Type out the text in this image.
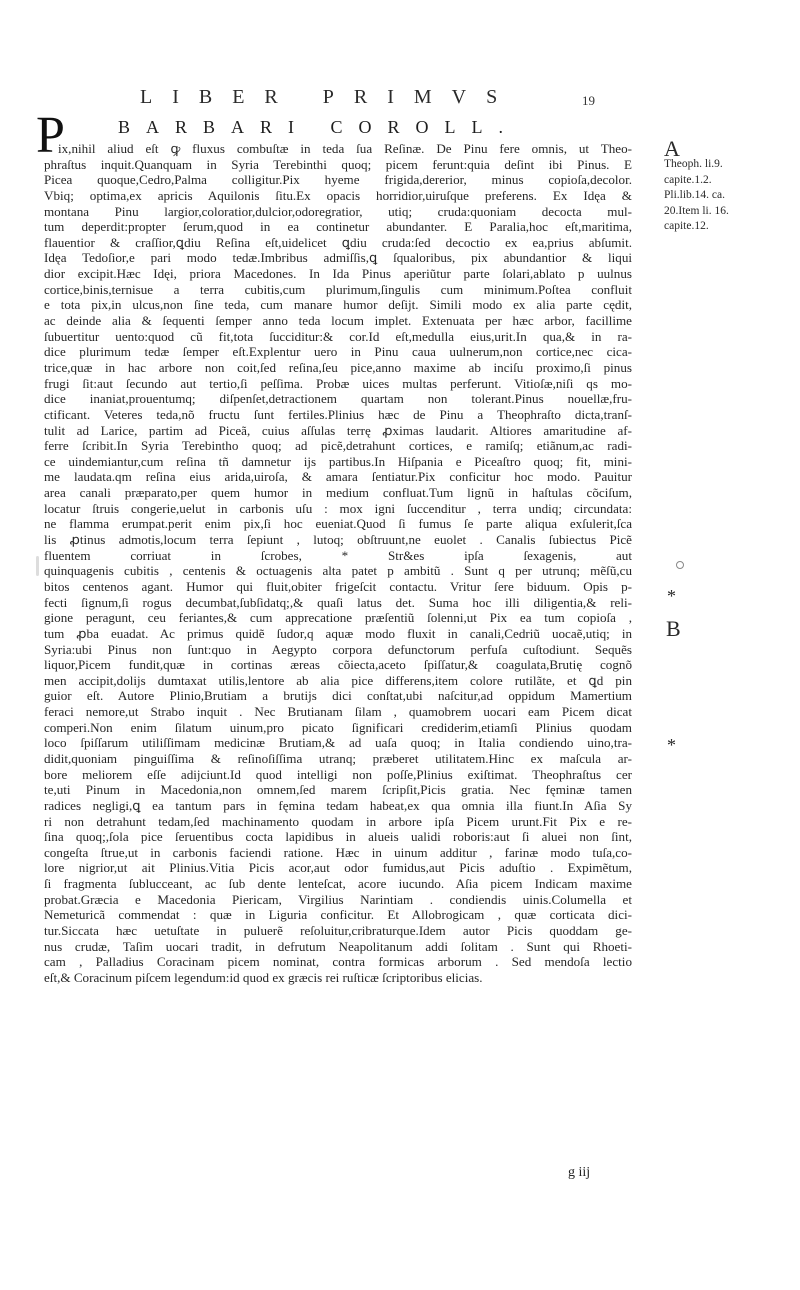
LIBER PRIMVS	19
P	BARBARI COROLL.
ix,nihil aliud eſt ꝙ fluxus combuſtæ in teda ſua Reſinæ. De Pinu fere omnis, ut Theo-
phraſtus inquit.Quanquam in Syria Terebinthi quoq; picem ferunt:quia deſint ibi Pinus. E
Picea quoque,Cedro,Palma colligitur.Pix hyeme frigida,dererior, minus copioſa,decolor.
Vbiq; optima,ex apricis Aquilonis ſitu.Ex opacis horridior,uiruſque preferens. Ex Idęa &
montana Pinu largior,coloratior,dulcior,odoregratior, utiq; cruda:quoniam decocta mul-
tum deperdit:propter ſerum,quod in ea continetur abundanter. E Paralia,hoc eſt,maritima,
flauentior & craſſior,ꝗdiu Reſina eſt,uidelicet ꝗdiu cruda:ſed decoctio ex ea,prius abſumit.
Idęa Tedoſior,e pari modo tedæ.Imbribus admiſſis,ꝗ ſqualoribus, pix abundantior & liqui
dior excipit.Hæc Idęi, priora Macedones. In Ida Pinus aperiũtur parte ſolari,ablato p uulnus
cortice,binis,ternisue a terra cubitis,cum plurimum,ſingulis cum minimum.Poſtea confluit
e tota pix,in ulcus,non ſine teda, cum manare humor deſijt. Simili modo ex alia parte cędit,
ac deinde alia & ſequenti ſemper anno teda locum implet. Extenuata per hæc arbor, facillime
ſubuertitur uento:quod cũ fit,tota ſucciditur:& cor.Id eſt,medulla eius,urit.In qua,& in ra-
dice plurimum tedæ ſemper eſt.Explentur uero in Pinu caua uulnerum,non cortice,nec cica-
trice,quæ in hac arbore non coit,ſed reſina,ſeu pice,anno maxime ab inciſu proximo,ſi pinus
frugi ſit:aut ſecundo aut tertio,ſi peſſima. Probæ uices multas perferunt. Vitioſæ,niſi qs mo-
dice inaniat,prouentumq; diſpenſet,detractionem quartam non tolerant.Pinus nouellæ,fru-
ctificant. Veteres teda,nõ fructu ſunt fertiles.Plinius hæc de Pinu a Theophraſto dicta,tranſ-
tulit ad Larice, partim ad Piceã, cuius aſſulas terrę ꝓximas laudarit. Altiores amaritudine af-
ferre ſcribit.In Syria Terebintho quoq; ad picẽ,detrahunt cortices, e ramiſq; etiãnum,ac radi-
ce uindemiantur,cum reſina tñ damnetur ijs partibus.In Hiſpania e Piceaſtro quoq; fit, mini-
me laudata.qm reſina eius arida,uiroſa, & amara ſentiatur.Pix conficitur hoc modo. Pauitur
area canali præparato,per quem humor in medium confluat.Tum lignũ in haſtulas cõciſum,
locatur ſtruis congerie,uelut in carbonis uſu : mox igni ſuccenditur , terra undiq; circundata:
ne flamma erumpat.perit enim pix,ſi hoc eueniat.Quod ſi fumus ſe parte aliqua exſulerit,ſca
lis ꝓtinus admotis,locum terra ſepiunt , lutoq; obſtruunt,ne euolet . Canalis ſubiectus Picẽ
fluentem corriuat in ſcrobes, * Str&es ipſa ſexagenis, aut
quinquagenis cubitis , centenis & octuagenis alta patet p ambitũ . Sunt q per utrunq; mẽſũ,cu
bitos centenos agant. Humor qui fluit,obiter frigeſcit contactu. Vritur ſere biduum. Opis p-
fecti ſignum,ſi rogus decumbat,ſubſidatq;,& quaſi latus det. Suma hoc illi diligentia,& reli-
gione peragunt, ceu feriantes,& cum apprecatione præſentiũ ſolenni,ut Pix ea tum copioſa ,
tum ꝓba euadat. Ac primus quidẽ ſudor,q aquæ modo fluxit in canali,Cedriũ uocaẽ,utiq; in
Syria:ubi Pinus non ſunt:quo in Aegypto corpora defunctorum perfuſa cuſtodiunt. Sequẽs
liquor,Picem fundit,quæ in cortinas æreas cõiecta,aceto ſpiſſatur,& coagulata,Brutię cognõ
men accipit,dolijs dumtaxat utilis,lentore ab alia pice differens,item colore rutilãte, et ꝗd pin
guior eſt. Autore Plinio,Brutiam a brutijs dici conſtat,ubi naſcitur,ad oppidum Mamertium
feraci nemore,ut Strabo inquit . Nec Brutianam ſilam , quamobrem uocari eam Picem dicat
comperi.Non enim ſilatum uinum,pro picato ſignificari crediderim,etiamſi Plinius quodam
loco ſpiſſarum utiliſſimam medicinæ Brutiam,& ad uaſa quoq; in Italia condiendo uino,tra-
didit,quoniam pinguiſſima & reſinoſiſſima utranq; præberet utilitatem.Hinc ex maſcula ar-
bore meliorem eſſe adijciunt.Id quod intelligi non poſſe,Plinius exiſtimat. Theophraſtus cer
te,uti Pinum in Macedonia,non omnem,ſed marem ſcripſit,Picis gratia. Nec fęminæ tamen
radices negligi,ꝗ ea tantum pars in fęmina tedam habeat,ex qua omnia illa fiunt.In Aſia Sy
ri non detrahunt tedam,ſed machinamento quodam in arbore ipſa Picem urunt.Fit Pix e re-
ſina quoq;,ſola pice ſeruentibus cocta lapidibus in alueis ualidi roboris:aut ſi aluei non ſint,
congeſta ſtrue,ut in carbonis faciendi ratione. Hæc in uinum additur , farinæ modo tuſa,co-
lore nigrior,ut ait Plinius.Vitia Picis acor,aut odor fumidus,aut Picis aduſtio . Expimẽtum,
ſi fragmenta ſublucceant, ac ſub dente lenteſcat, acore iucundo. Aſia picem Indicam maxime
probat.Græcia e Macedonia Piericam, Virgilius Narintiam . condiendis uinis.Columella et
Nemeturicã commendat : quæ in Liguria conficitur. Et Allobrogicam , quæ corticata dici-
tur.Siccata hæc uetuſtate in puluerẽ reſoluitur,cribraturque.Idem autor Picis quoddam ge-
nus crudæ, Taſim uocari tradit, in defrutum Neapolitanum addi ſolitam . Sunt qui Rhoeti-
cam , Palladius Coracinam picem nominat, contra formicas arborum . Sed mendoſa lectio
eſt,& Coracinum piſcem legendum:id quod ex græcis rei ruſticæ ſcriptoribus elicias.
g iij
A
Theoph. li.9.
capite.1.2.
Pli.lib.14. ca.
20.Item li. 16.
capite.12.
*
B
*
